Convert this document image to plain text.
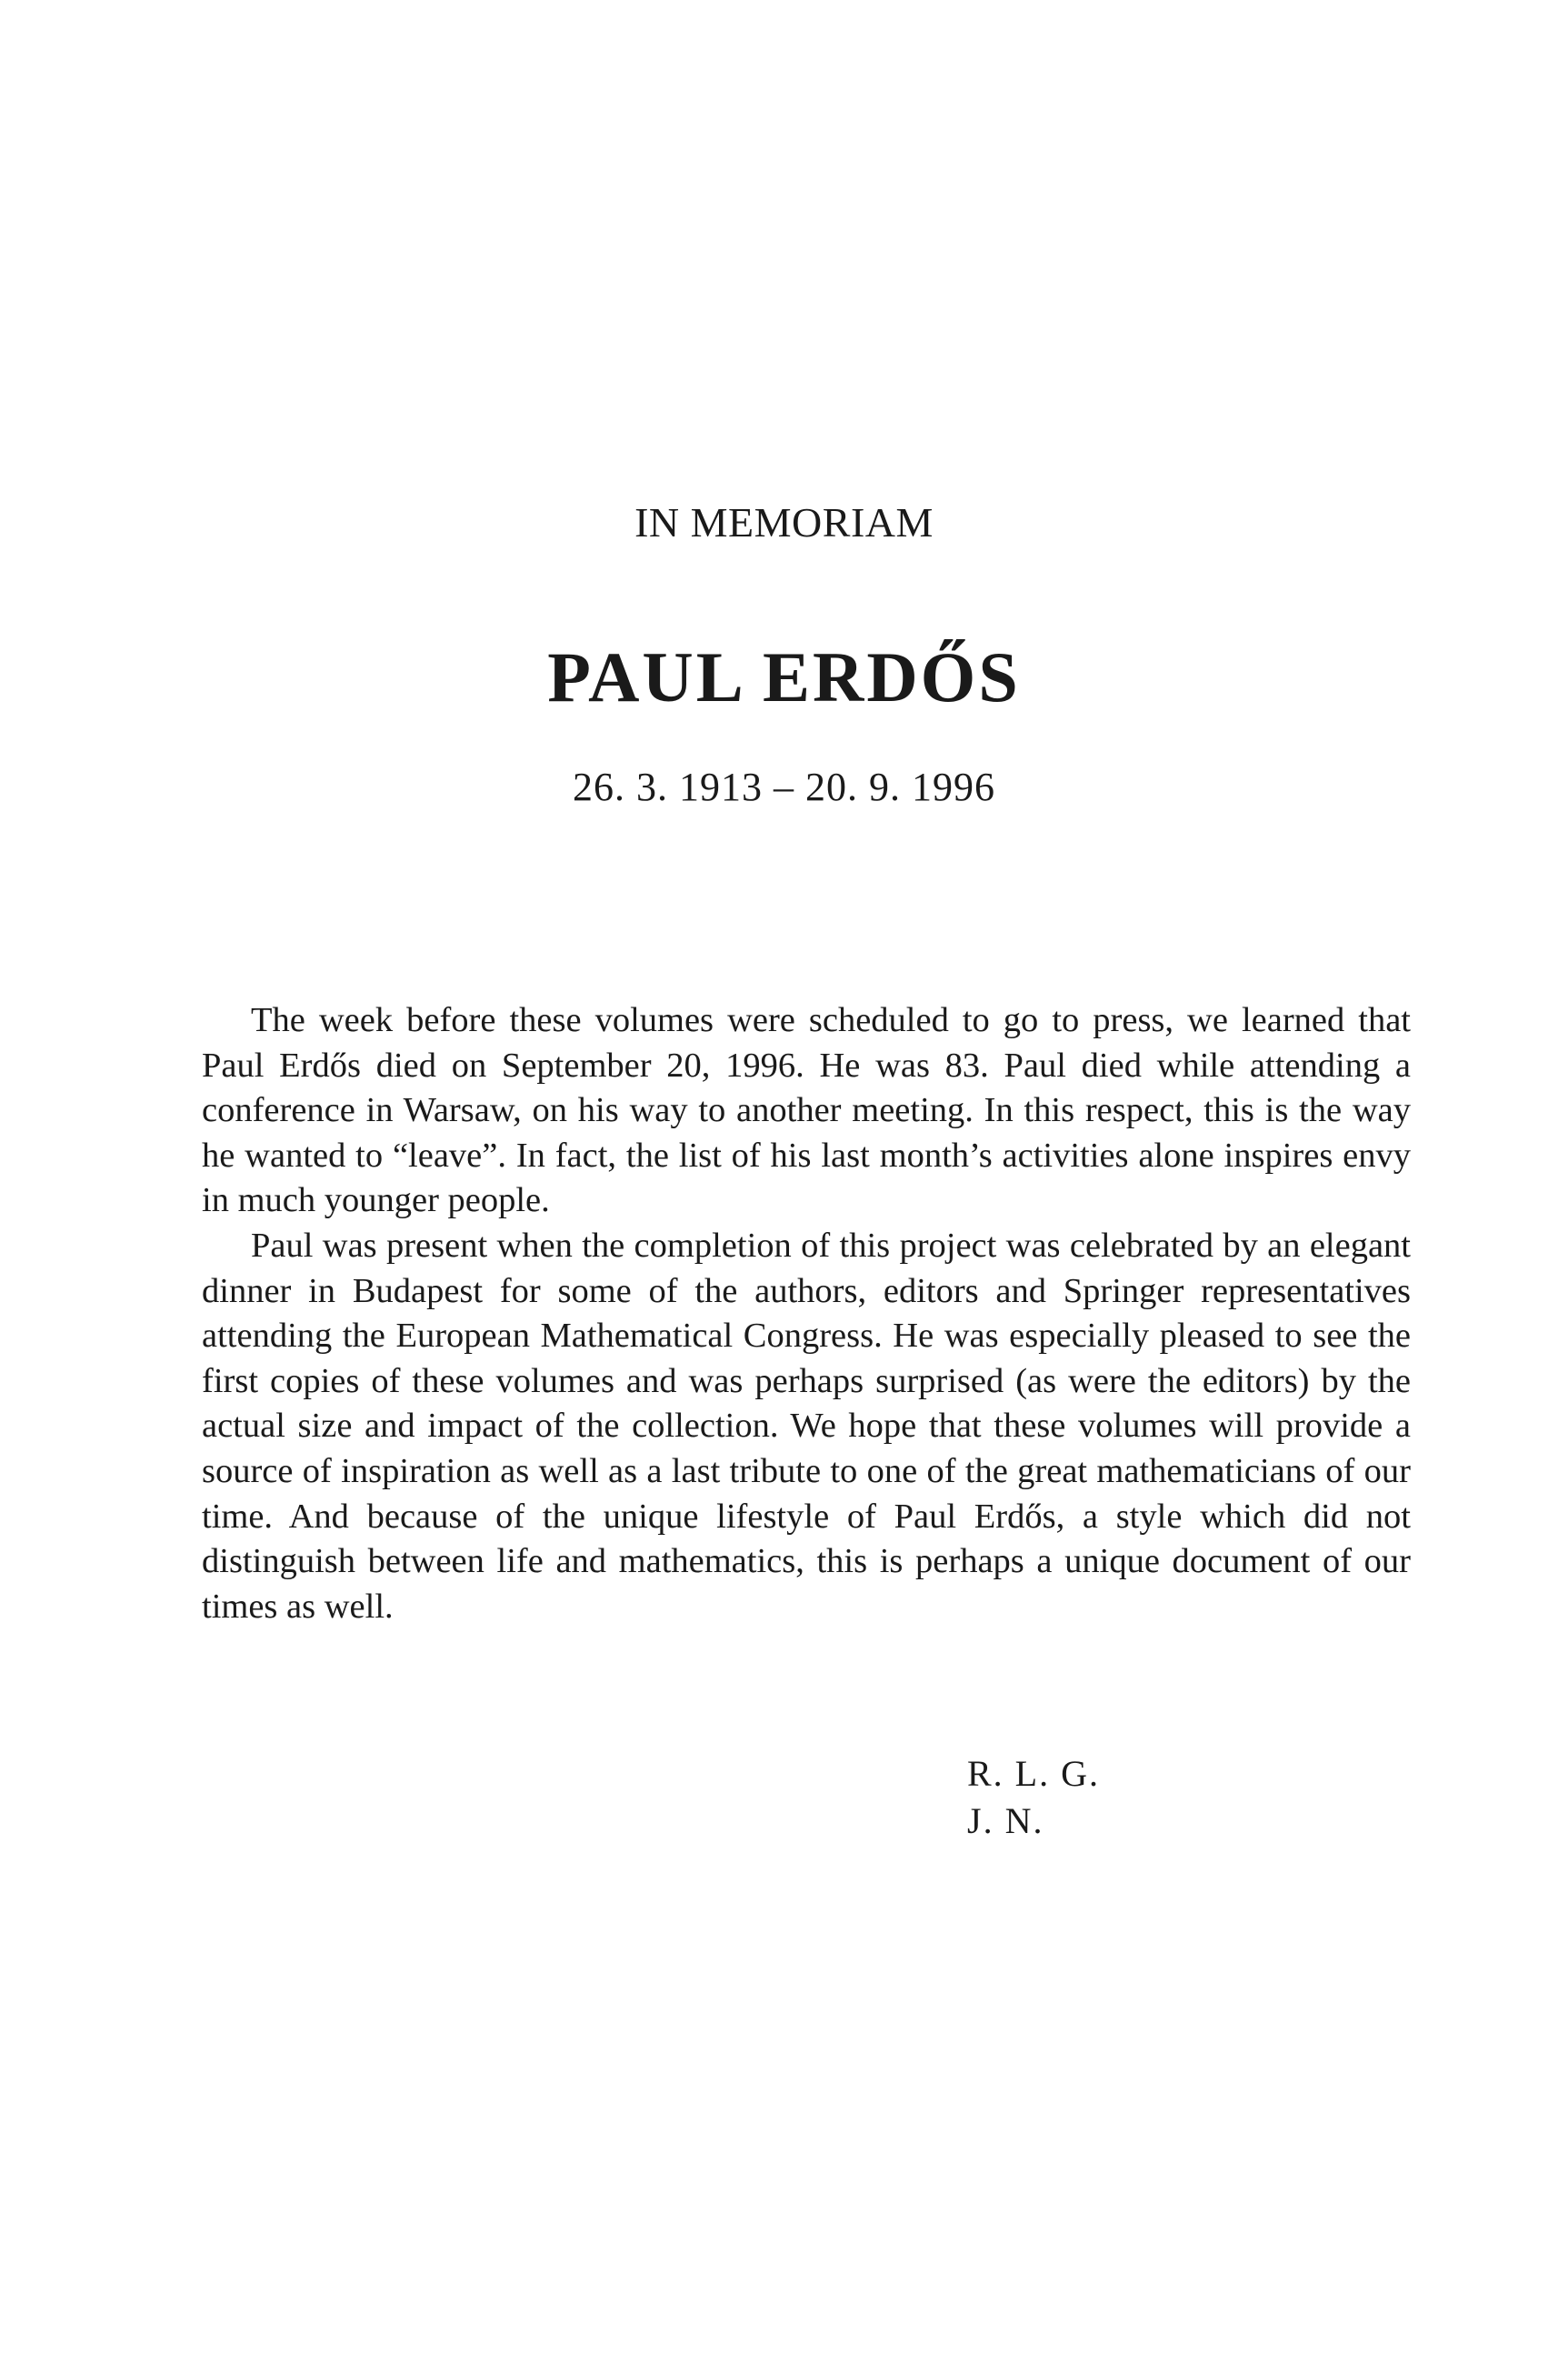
IN MEMORIAM
PAUL ERDŐS
26. 3. 1913 – 20. 9. 1996

The week before these volumes were scheduled to go to press, we learned that Paul Erdős died on September 20, 1996. He was 83. Paul died while attending a conference in Warsaw, on his way to another meeting. In this respect, this is the way he wanted to “leave”. In fact, the list of his last month’s activities alone inspires envy in much younger people.

Paul was present when the completion of this project was celebrated by an elegant dinner in Budapest for some of the authors, editors and Springer representatives attending the European Mathematical Congress. He was especially pleased to see the first copies of these volumes and was perhaps surprised (as were the editors) by the actual size and impact of the collection. We hope that these volumes will provide a source of inspiration as well as a last tribute to one of the great mathematicians of our time. And because of the unique lifestyle of Paul Erdős, a style which did not distinguish between life and mathematics, this is perhaps a unique document of our times as well.

R. L. G.
J. N.
